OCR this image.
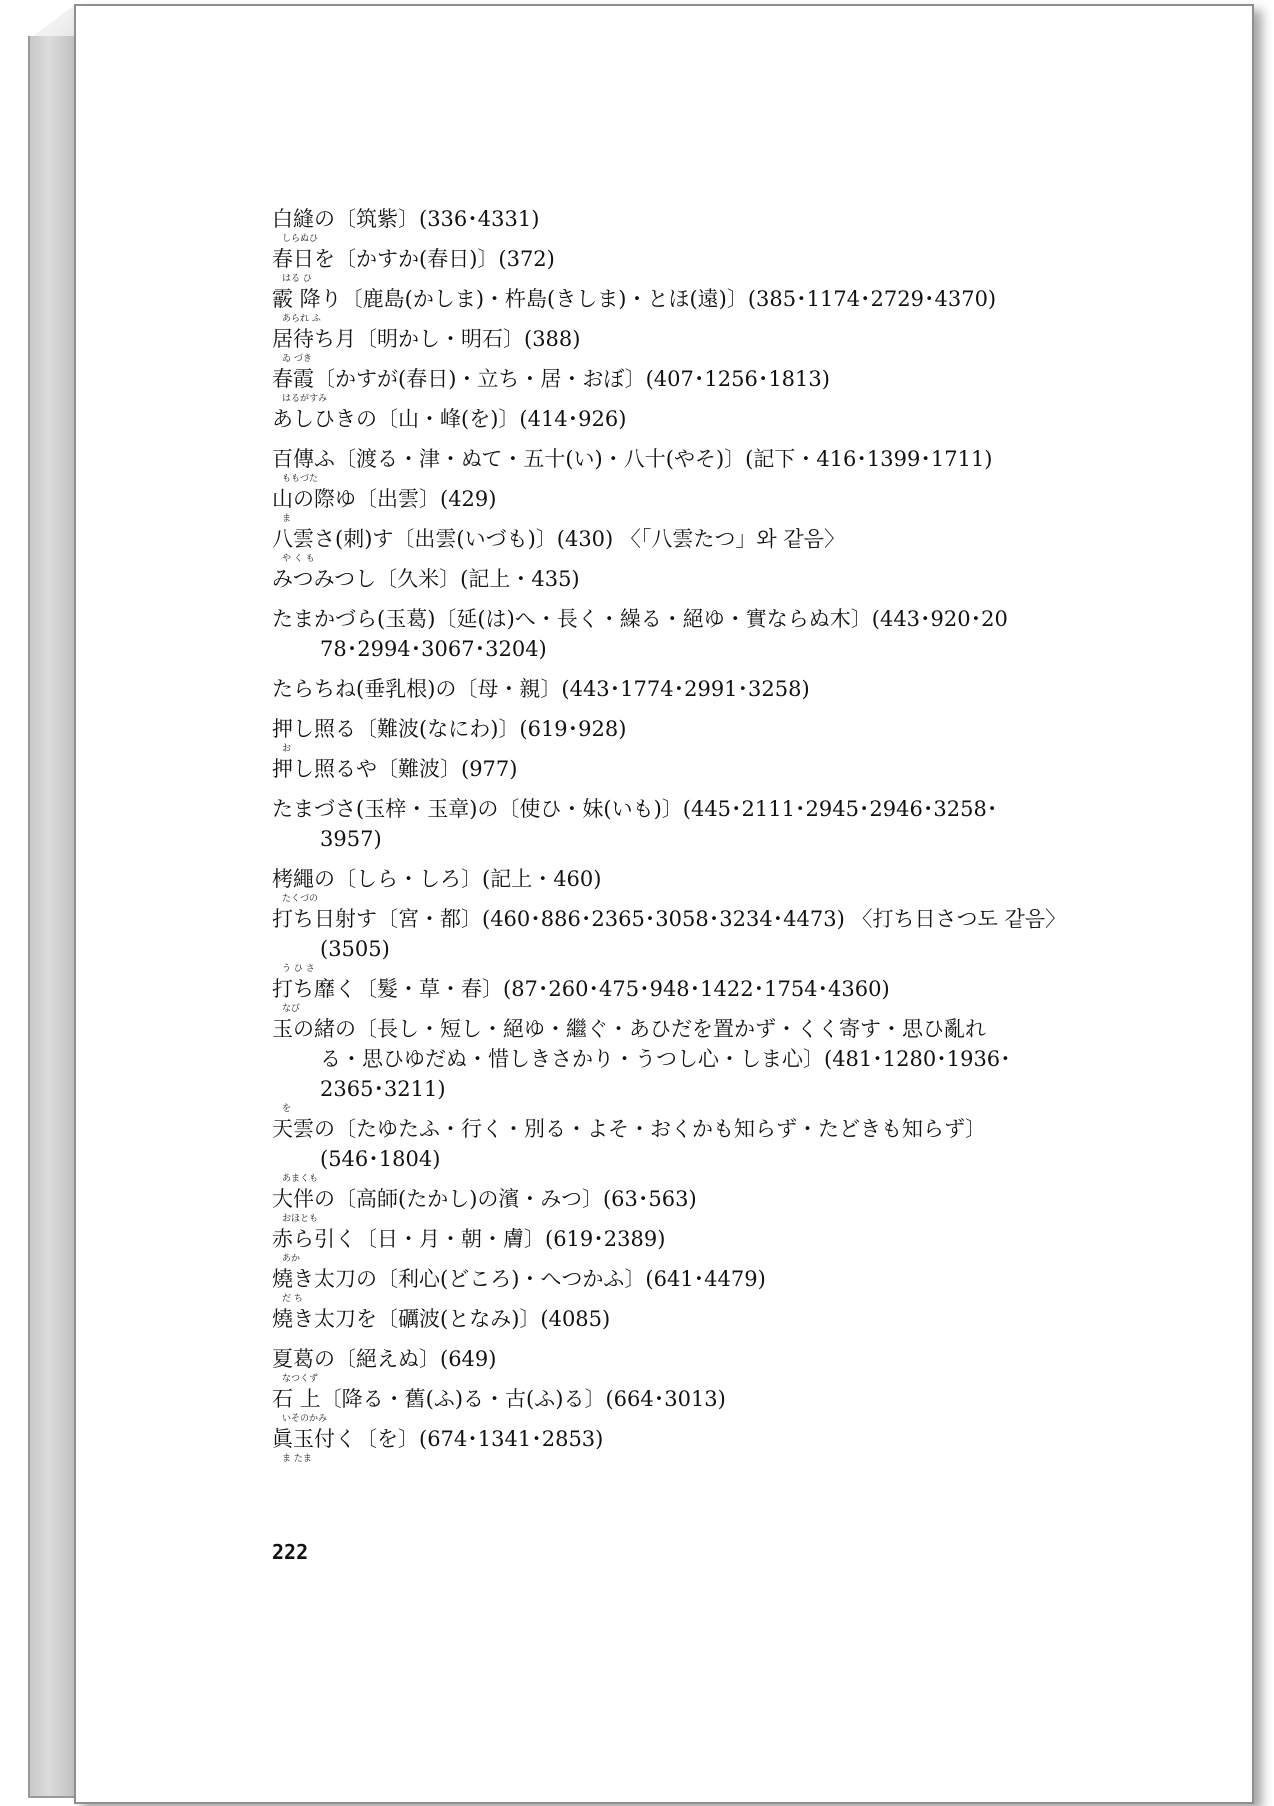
白縫の〔筑紫〕(336･4331)
しらぬひ
春日を〔かすか(春日)〕(372)
はる ひ
霰 降り〔鹿島(かしま)・杵島(きしま)・とほ(遠)〕(385･1174･2729･4370)
あられ ふ
居待ち月〔明かし・明石〕(388)
ゐ づき
春霞〔かすが(春日)・立ち・居・おぼ〕(407･1256･1813)
はるがすみ
あしひきの〔山・峰(を)〕(414･926)
百傳ふ〔渡る・津・ぬて・五十(い)・八十(やそ)〕(記下・416･1399･1711)
ももづた
山の際ゆ〔出雲〕(429)
ま
八雲さ(刺)す〔出雲(いづも)〕(430) 〈「八雲たつ」와 같음〉
や く も
みつみつし〔久米〕(記上・435)
たまかづら(玉葛)〔延(は)へ・長く・繰る・絕ゆ・實ならぬ木〕(443･920･20
78･2994･3067･3204)
たらちね(垂乳根)の〔母・親〕(443･1774･2991･3258)
押し照る〔難波(なにわ)〕(619･928)
お
押し照るや〔難波〕(977)
たまづさ(玉梓・玉章)の〔使ひ・妹(いも)〕(445･2111･2945･2946･3258･
3957)
栲繩の〔しら・しろ〕(記上・460)
たくづの
打ち日射す〔宮・都〕(460･886･2365･3058･3234･4473) 〈打ち日さつ도 같음〉
(3505)
う ひ さ
打ち靡く〔髮・草・春〕(87･260･475･948･1422･1754･4360)
なび
玉の緒の〔長し・短し・絕ゆ・繼ぐ・あひだを置かず・くく寄す・思ひ亂れ
る・思ひゆだぬ・惜しきさかり・うつし心・しま心〕(481･1280･1936･
2365･3211)
を
天雲の〔たゆたふ・行く・別る・よそ・おくかも知らず・たどきも知らず〕
(546･1804)
あまくも
大伴の〔高師(たかし)の濱・みつ〕(63･563)
おほとも
赤ら引く〔日・月・朝・膚〕(619･2389)
あか
燒き太刀の〔利心(どころ)・へつかふ〕(641･4479)
だ ち
燒き太刀を〔礪波(となみ)〕(4085)
夏葛の〔絕えぬ〕(649)
なつくず
石 上〔降る・舊(ふ)る・古(ふ)る〕(664･3013)
いそのかみ
眞玉付く〔を〕(674･1341･2853)
ま たま
222
